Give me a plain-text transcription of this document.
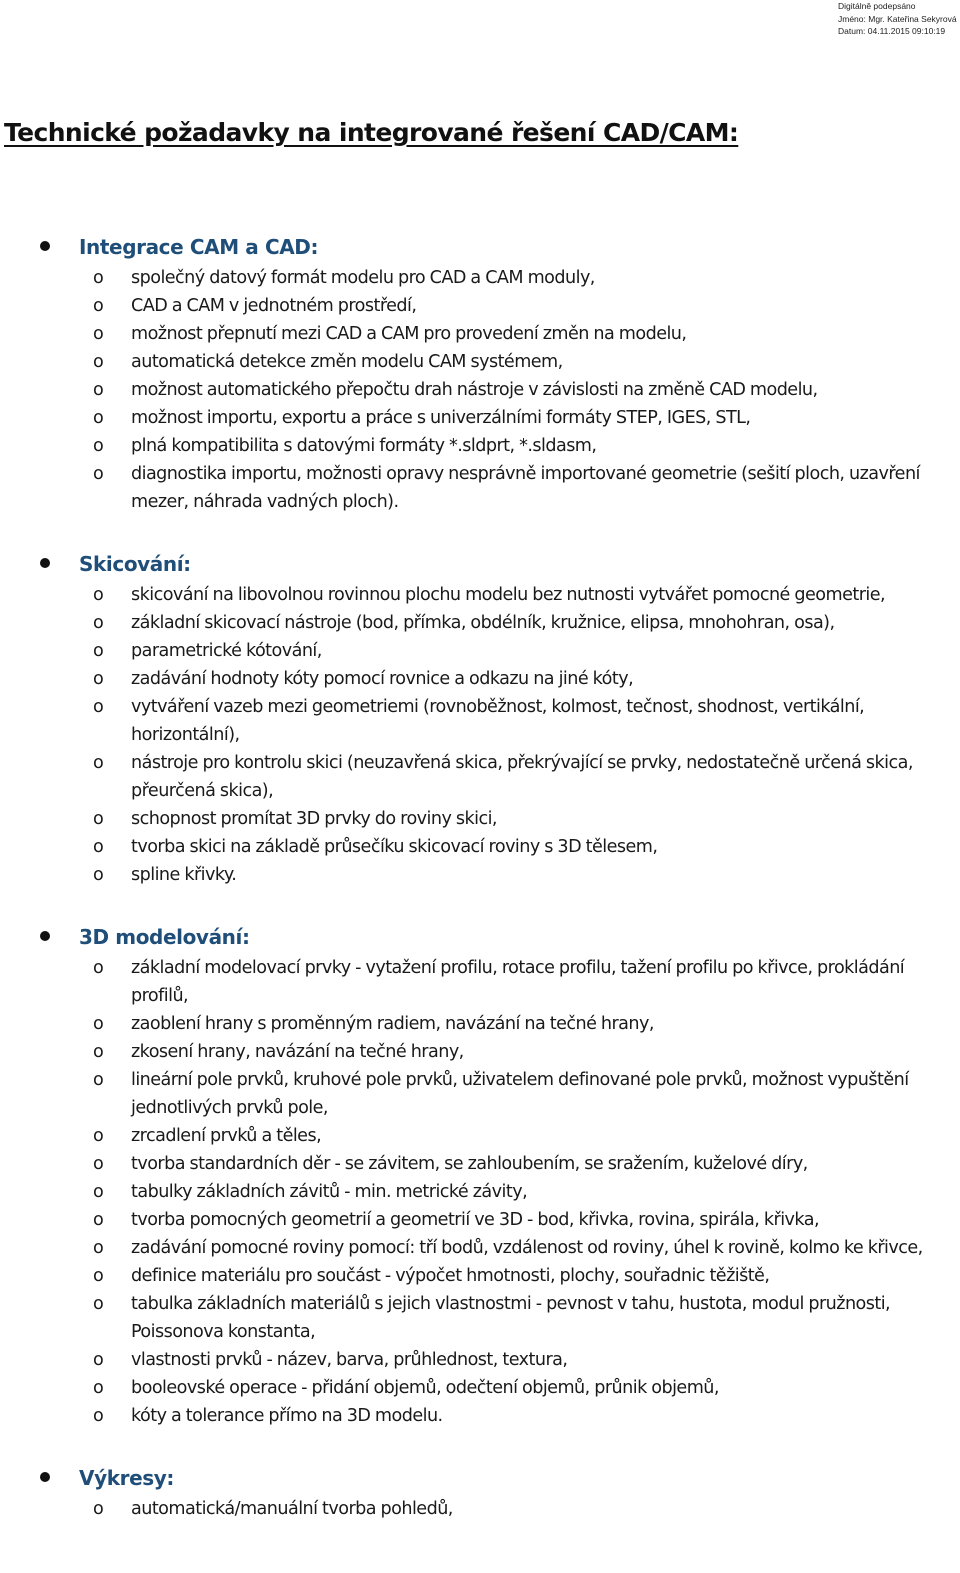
Digitálně podepsáno
Jméno: Mgr. Kateřina Sekyrová
Datum: 04.11.2015 09:10:19
Technické požadavky na integrované řešení CAD/CAM:
Integrace CAM a CAD:
o společný datový formát modelu pro CAD a CAM moduly,
o CAD a CAM v jednotném prostředí,
o možnost přepnutí mezi CAD a CAM pro provedení změn na modelu,
o automatická detekce změn modelu CAM systémem,
o možnost automatického přepočtu drah nástroje v závislosti na změně CAD modelu,
o možnost importu, exportu a práce s univerzálními formáty STEP, IGES, STL,
o plná kompatibilita s datovými formáty *.sldprt, *.sldasm,
o diagnostika importu, možnosti opravy nesprávně importované geometrie (sešití ploch, uzavření mezer, náhrada vadných ploch).
Skicování:
o skicování na libovolnou rovinnou plochu modelu bez nutnosti vytvářet pomocné geometrie,
o základní skicovací nástroje (bod, přímka, obdélník, kružnice, elipsa, mnohohran, osa),
o parametrické kótování,
o zadávání hodnoty kóty pomocí rovnice a odkazu na jiné kóty,
o vytváření vazeb mezi geometriemi (rovnoběžnost, kolmost, tečnost, shodnost, vertikální, horizontální),
o nástroje pro kontrolu skici (neuzavřená skica, překrývající se prvky, nedostatečně určená skica, přeurčená skica),
o schopnost promítat 3D prvky do roviny skici,
o tvorba skici na základě průsečíku skicovací roviny s 3D tělesem,
o spline křivky.
3D modelování:
o základní modelovací prvky - vytažení profilu, rotace profilu, tažení profilu po křivce, prokládání profilů,
o zaoblení hrany s proměnným radiem, navázání na tečné hrany,
o zkosení hrany, navázání na tečné hrany,
o lineární pole prvků, kruhové pole prvků, uživatelem definované pole prvků, možnost vypuštění jednotlivých prvků pole,
o zrcadlení prvků a těles,
o tvorba standardních děr - se závitem, se zahloubením, se sražením, kuželové díry,
o tabulky základních závitů - min. metrické závity,
o tvorba pomocných geometrií a geometrií ve 3D - bod, křivka, rovina, spirála, křivka,
o zadávání pomocné roviny pomocí: tří bodů, vzdálenost od roviny, úhel k rovině, kolmo ke křivce,
o definice materiálu pro součást - výpočet hmotnosti, plochy, souřadnic těžiště,
o tabulka základních materiálů s jejich vlastnostmi - pevnost v tahu, hustota, modul pružnosti, Poissonova konstanta,
o vlastnosti prvků - název, barva, průhlednost, textura,
o booleovské operace - přidání objemů, odečtení objemů, průnik objemů,
o kóty a tolerance přímo na 3D modelu.
Výkresy:
o automatická/manuální tvorba pohledů,
